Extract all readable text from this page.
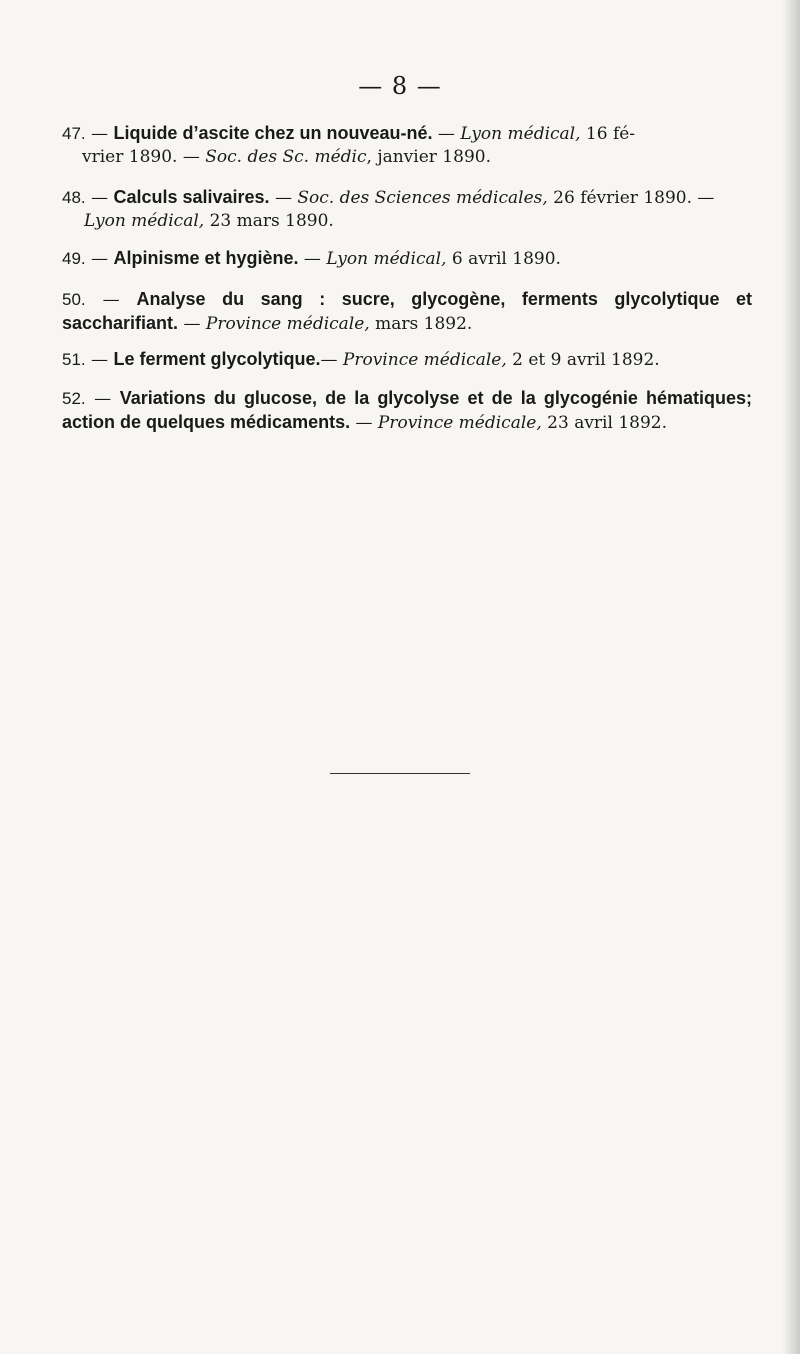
— 8 —
47. — Liquide d’ascite chez un nouveau-né. — Lyon médical, 16 fé-
vrier 1890. — Soc. des Sc. médic, janvier 1890.
48. — Calculs salivaires. — Soc. des Sciences médicales, 26 février 1890. —
Lyon médical, 23 mars 1890.
49. — Alpinisme et hygiène. — Lyon médical, 6 avril 1890.
50. — Analyse du sang : sucre, glycogène, ferments glycolytique et saccharifiant. — Province médicale, mars 1892.
51. — Le ferment glycolytique.— Province médicale, 2 et 9 avril 1892.
52. — Variations du glucose, de la glycolyse et de la glycogénie hématiques; action de quelques médicaments. — Province médicale, 23 avril 1892.
